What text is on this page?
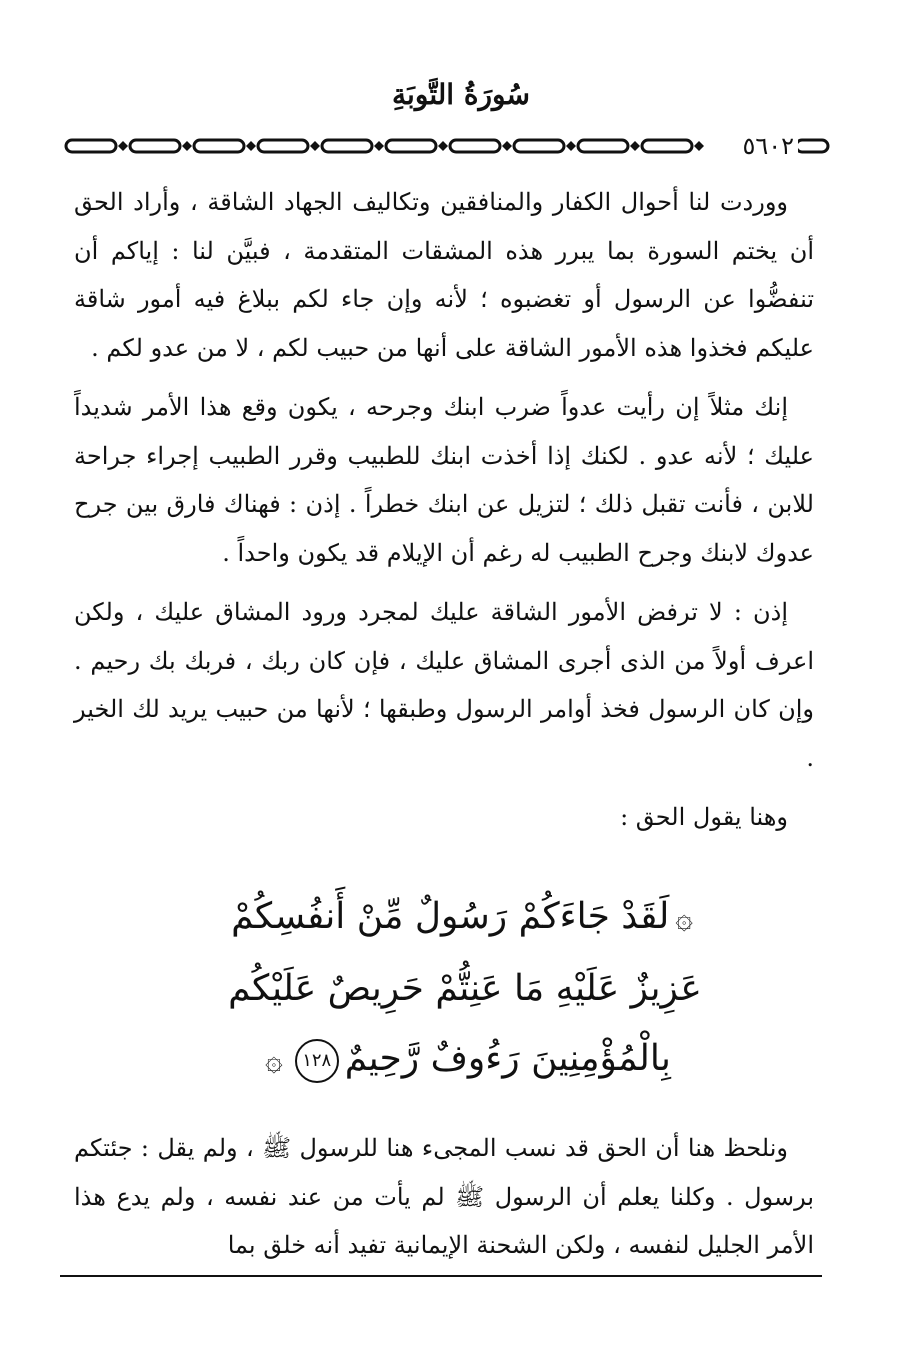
سُورَةُ التَّوبَةِ
٥٦٠٢

ووردت لنا أحوال الكفار والمنافقين وتكاليف الجهاد الشاقة ، وأراد الحق أن يختم السورة بما يبرر هذه المشقات المتقدمة ، فبيَّن لنا : إياكم أن تنفضُّوا عن الرسول أو تغضبوه ؛ لأنه وإن جاء لكم ببلاغ فيه أمور شاقة عليكم فخذوا هذه الأمور الشاقة على أنها من حبيب لكم ، لا من عدو لكم .

إنك مثلاً إن رأيت عدواً ضرب ابنك وجرحه ، يكون وقع هذا الأمر شديداً عليك ؛ لأنه عدو . لكنك إذا أخذت ابنك للطبيب وقرر الطبيب إجراء جراحة للابن ، فأنت تقبل ذلك ؛ لتزيل عن ابنك خطراً . إذن : فهناك فارق بين جرح عدوك لابنك وجرح الطبيب له رغم أن الإيلام قد يكون واحداً .

إذن : لا ترفض الأمور الشاقة عليك لمجرد ورود المشاق عليك ، ولكن اعرف أولاً من الذى أجرى المشاق عليك ، فإن كان ربك ، فربك بك رحيم . وإن كان الرسول فخذ أوامر الرسول وطبقها ؛ لأنها من حبيب يريد لك الخير .

وهنا يقول الحق :

۞لَقَدْ جَاءَكُمْ رَسُولٌ مِّنْ أَنفُسِكُمْ
عَزِيزٌ عَلَيْهِ مَا عَنِتُّمْ حَرِيصٌ عَلَيْكُم
بِالْمُؤْمِنِينَ رَءُوفٌ رَّحِيمٌ١٢٨۞

ونلحظ هنا أن الحق قد نسب المجىء هنا للرسول ﷺ ، ولم يقل : جئتكم برسول . وكلنا يعلم أن الرسول ﷺ لم يأت من عند نفسه ، ولم يدع هذا الأمر الجليل لنفسه ، ولكن الشحنة الإيمانية تفيد أنه خلق بما
